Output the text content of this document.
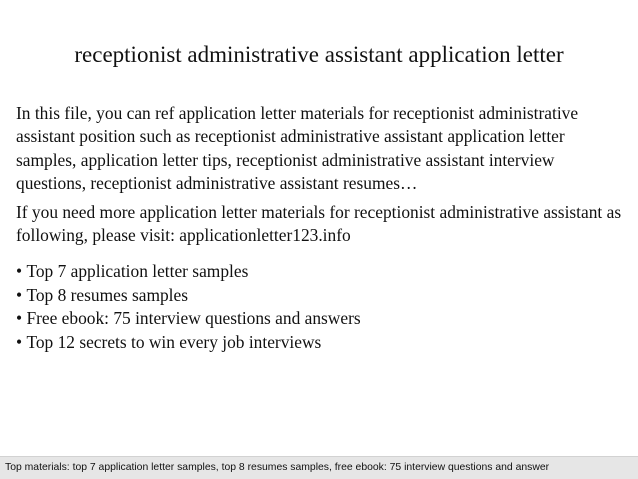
receptionist administrative assistant application letter

In this file, you can ref application letter materials for receptionist administrative assistant position such as receptionist administrative assistant application letter samples, application letter tips, receptionist administrative assistant interview questions, receptionist administrative assistant resumes…

If you need more application letter materials for receptionist administrative assistant as following, please visit: applicationletter123.info

• Top 7 application letter samples
• Top 8 resumes samples
• Free ebook: 75 interview questions and answers
• Top 12 secrets to win every job interviews
Top materials: top 7 application letter samples, top 8 resumes samples, free ebook: 75 interview questions and answer
